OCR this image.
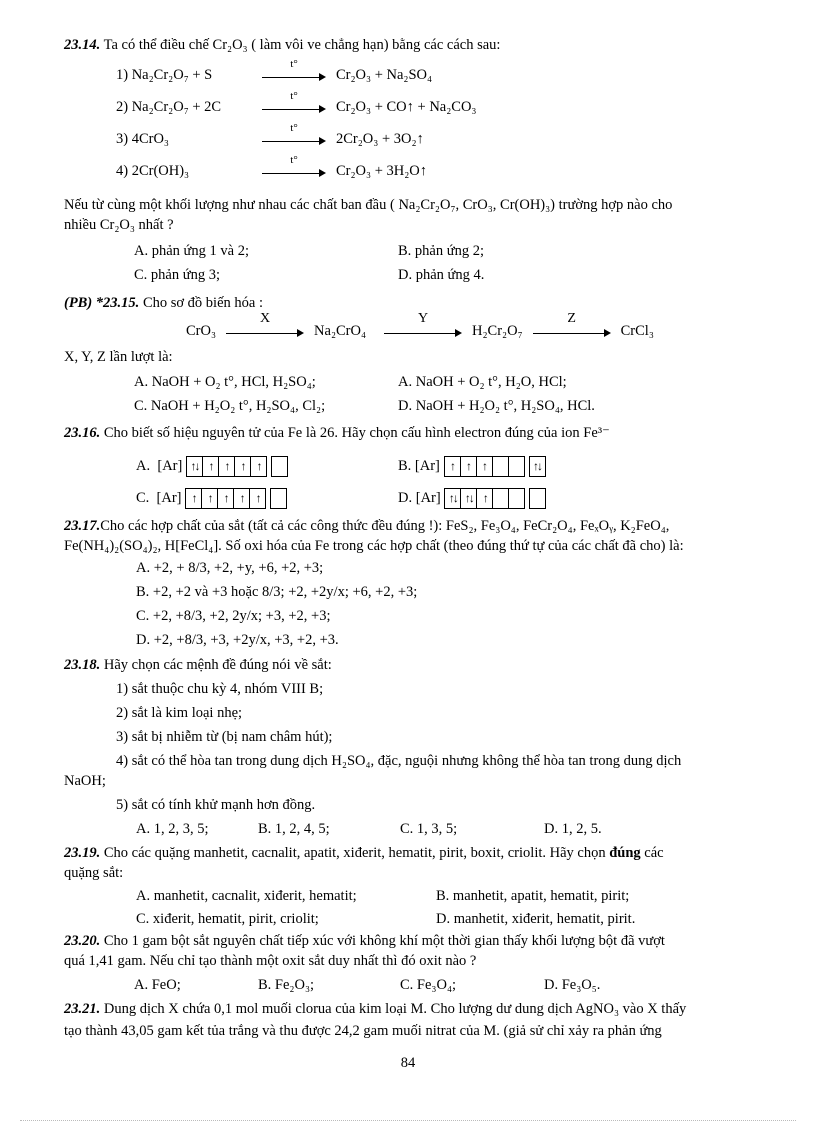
23.14. Ta có thể điều chế Cr₂O₃ ( làm vôi ve chẳng hạn) bằng các cách sau:
1) Na₂Cr₂O₇ + S
t°
Cr₂O₃ + Na₂SO₄
2) Na₂Cr₂O₇ + 2C
t°
Cr₂O₃ + CO↑ + Na₂CO₃
3) 4CrO₃
t°
2Cr₂O₃ + 3O₂↑
4) 2Cr(OH)₃
t°
Cr₂O₃ + 3H₂O↑
Nếu từ cùng một khối lượng như nhau các chất ban đầu ( Na₂Cr₂O₇, CrO₃, Cr(OH)₃) trường hợp nào cho
nhiều Cr₂O₃ nhất ?
A. phản ứng 1 và 2;	B. phản ứng 2;
C. phản ứng 3;	D. phản ứng 4.
(PB) *23.15. Cho sơ đồ biến hóa :
CrO₃
X
Na₂CrO₄
Y
H₂Cr₂O₇
Z
CrCl₃
X, Y, Z lần lượt là:
A. NaOH + O₂ t°, HCl, H₂SO₄;	A. NaOH + O₂ t°, H₂O, HCl;
C. NaOH + H₂O₂ t°, H₂SO₄, Cl₂;	D. NaOH + H₂O₂ t°, H₂SO₄, HCl.
23.16. Cho biết số hiệu nguyên tử của Fe là 26. Hãy chọn cấu hình electron đúng của ion Fe³⁻
A. [Ar] ↑↓ ↑	↑	↑	↑	B. [Ar] ↑	↑	↑	↑↓
C. [Ar] ↑	↑	↑	↑	↑	D. [Ar] ↑↓ ↑↓ ↑
23.17.Cho các hợp chất của sắt (tất cả các công thức đều đúng !): FeS₂, Fe₃O₄, FeCr₂O₄, FeₓOᵧ, K₂FeO₄,
Fe(NH₄)₂(SO₄)₂, H[FeCl₄]. Số oxi hóa của Fe trong các hợp chất (theo đúng thứ tự của các chất đã cho) là:
A. +2, + 8/3, +2, +y, +6, +2, +3;
B. +2, +2 và +3 hoặc 8/3; +2, +2y/x; +6, +2, +3;
C. +2, +8/3, +2, 2y/x; +3, +2, +3;
D. +2, +8/3, +3, +2y/x, +3, +2, +3.
23.18. Hãy chọn các mệnh đề đúng nói về sắt:
1) sắt thuộc chu kỳ 4, nhóm VIII B;
2) sắt là kim loại nhẹ;
3) sắt bị nhiễm từ (bị nam châm hút);
4) sắt có thể hòa tan trong dung dịch H₂SO₄, đặc, nguội nhưng không thể hòa tan trong dung dịch
NaOH;
5) sắt có tính khử mạnh hơn đồng.
A. 1, 2, 3, 5;	B. 1, 2, 4, 5;	C. 1, 3, 5;	D. 1, 2, 5.
23.19. Cho các quặng manhetit, cacnalit, apatit, xiđerit, hematit, pirit, boxit, criolit. Hãy chọn đúng các
quặng sắt:
A. manhetit, cacnalit, xiđerit, hematit;	B. manhetit, apatit, hematit, pirit;
C. xiđerit, hematit, pirit, criolit;	D. manhetit, xiđerit, hematit, pirit.
23.20. Cho 1 gam bột sắt nguyên chất tiếp xúc với không khí một thời gian thấy khối lượng bột đã vượt
quá 1,41 gam. Nếu chỉ tạo thành một oxit sắt duy nhất thì đó oxit nào ?
A. FeO;	B. Fe₂O₃;	C. Fe₃O₄;	D. Fe₃O₅.
23.21. Dung dịch X chứa 0,1 mol muối clorua của kim loại M. Cho lượng dư dung dịch AgNO₃ vào X thấy
tạo thành 43,05 gam kết tủa trắng và thu được 24,2 gam muối nitrat của M. (giả sử chỉ xảy ra phản ứng
84
